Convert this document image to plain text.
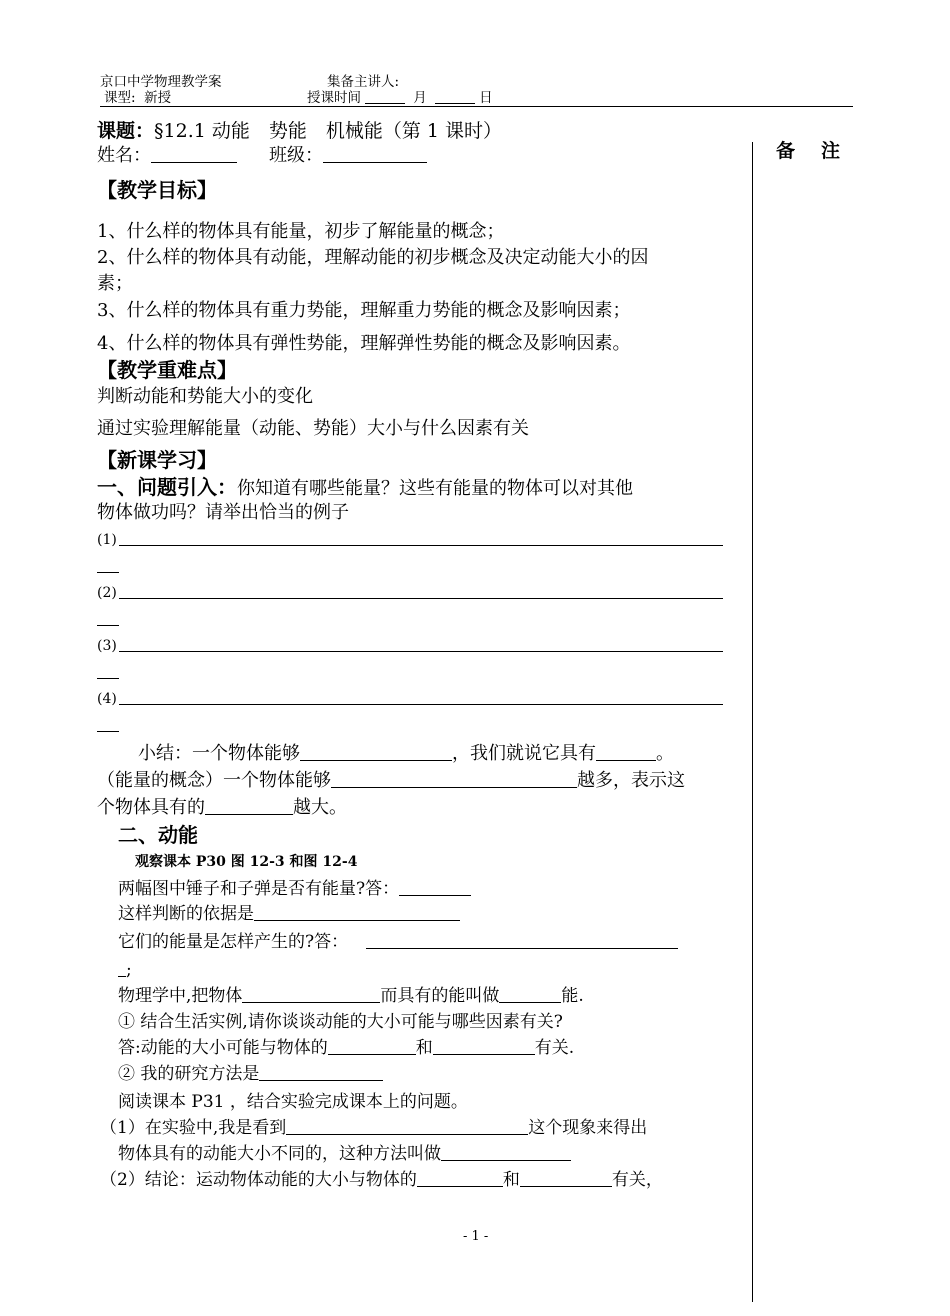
京口中学物理教学案	集备主讲人:
课型: 新授	授课时间	月	日
备注
课题：§12.1 动能　势能　机械能（第 1 课时）
姓名：	班级：
【教学目标】
1、什么样的物体具有能量，初步了解能量的概念；
2、什么样的物体具有动能，理解动能的初步概念及决定动能大小的因
素；
3、什么样的物体具有重力势能，理解重力势能的概念及影响因素；
4、什么样的物体具有弹性势能，理解弹性势能的概念及影响因素。
【教学重难点】
判断动能和势能大小的变化
通过实验理解能量（动能、势能）大小与什么因素有关
【新课学习】
一、问题引入：你知道有哪些能量？这些有能量的物体可以对其他
物体做功吗？请举出恰当的例子
(1)
(2)
(3)
(4)
小结：一个物体能够	，我们就说它具有	。
（能量的概念）一个物体能够	越多，表示这
个物体具有的	越大。
二、动能
观察课本 P30 图 12-3 和图 12-4
两幅图中锤子和子弹是否有能量?答：
这样判断的依据是
它们的能量是怎样产生的?答：
;
物理学中,把物体	而具有的能叫做	能.
① 结合生活实例,请你谈谈动能的大小可能与哪些因素有关?
答:动能的大小可能与物体的	和	有关.
② 我的研究方法是
阅读课本 P31 ，结合实验完成课本上的问题。
（1）在实验中,我是看到	这个现象来得出
物体具有的动能大小不同的，这种方法叫做
（2）结论：运动物体动能的大小与物体的	和	有关，
- 1 -
